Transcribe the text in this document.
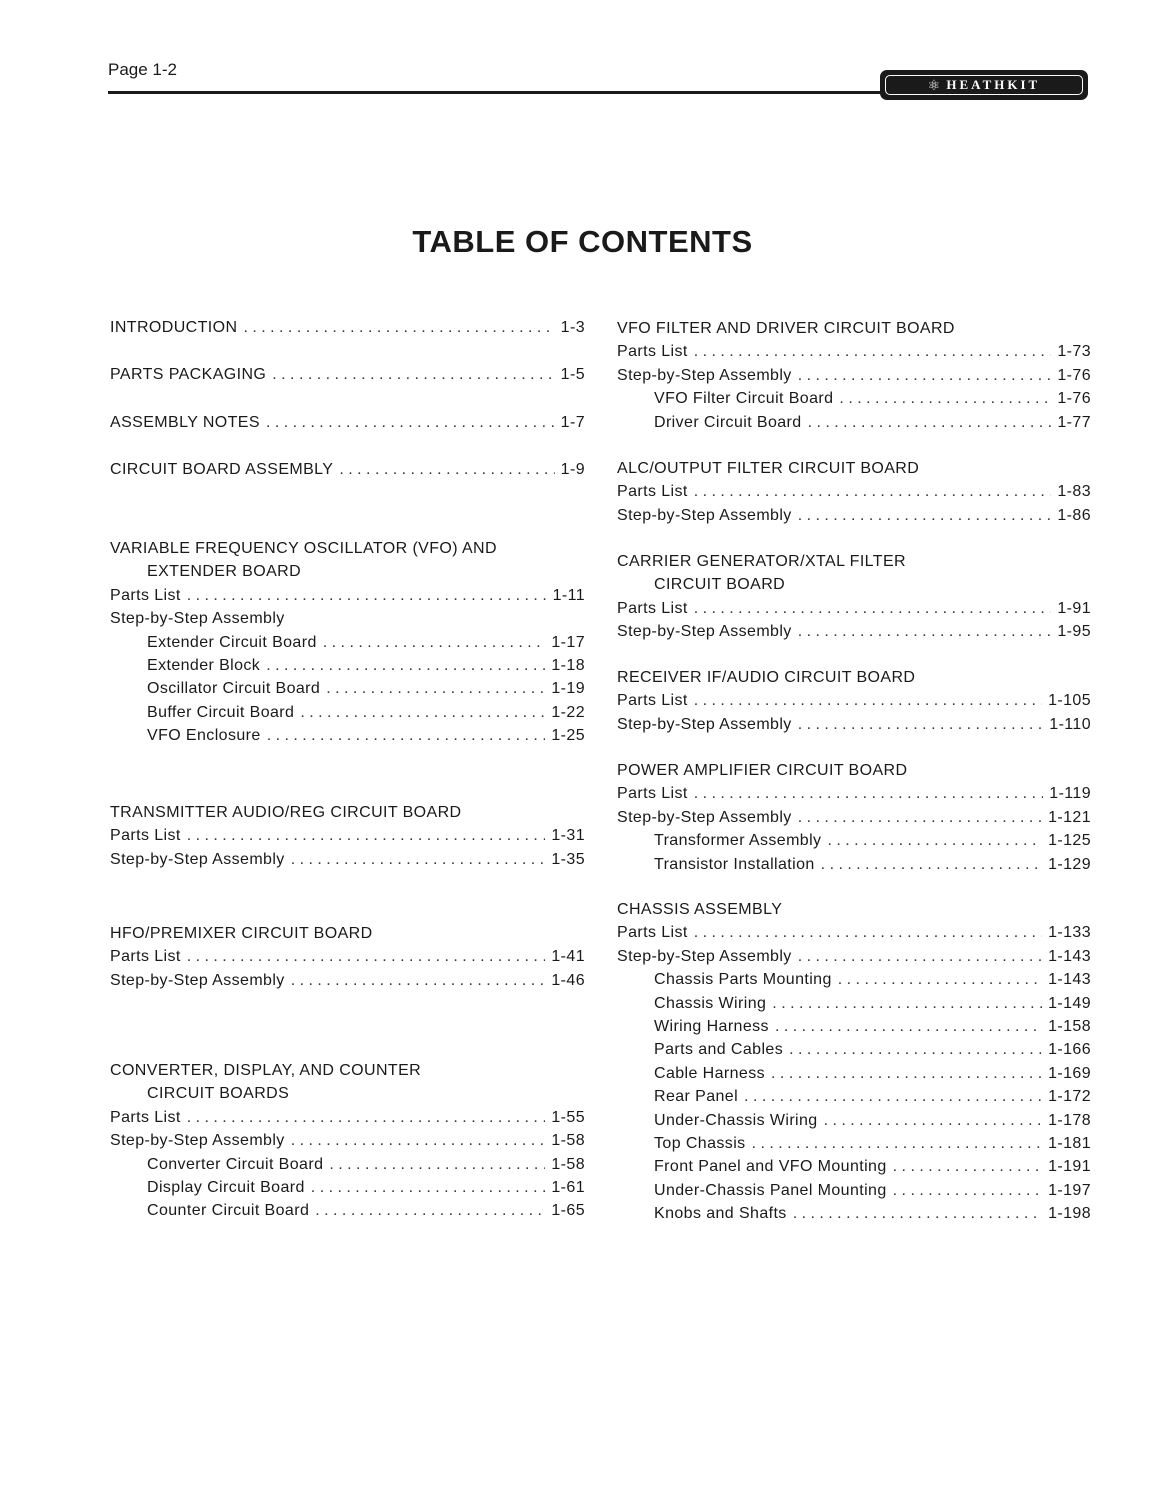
Page 1-2
⚛ HEATHKIT
TABLE OF CONTENTS
INTRODUCTION . . .	1-3
PARTS PACKAGING . . .	1-5
ASSEMBLY NOTES . . .	1-7
CIRCUIT BOARD ASSEMBLY . . .	1-9
VARIABLE FREQUENCY OSCILLATOR (VFO) AND
EXTENDER BOARD
Parts List . . .	1-11
Step-by-Step Assembly
Extender Circuit Board . . .	1-17
Extender Block . . .	1-18
Oscillator Circuit Board . . .	1-19
Buffer Circuit Board . . .	1-22
VFO Enclosure . . .	1-25
TRANSMITTER AUDIO/REG CIRCUIT BOARD
Parts List . . .	1-31
Step-by-Step Assembly . . .	1-35
HFO/PREMIXER CIRCUIT BOARD
Parts List . . .	1-41
Step-by-Step Assembly . . .	1-46
CONVERTER, DISPLAY, AND COUNTER
CIRCUIT BOARDS
Parts List . . .	1-55
Step-by-Step Assembly . . .	1-58
Converter Circuit Board . . .	1-58
Display Circuit Board . . .	1-61
Counter Circuit Board . . .	1-65
VFO FILTER AND DRIVER CIRCUIT BOARD
Parts List . . .	1-73
Step-by-Step Assembly . . .	1-76
VFO Filter Circuit Board . . .	1-76
Driver Circuit Board . . .	1-77
ALC/OUTPUT FILTER CIRCUIT BOARD
Parts List . . .	1-83
Step-by-Step Assembly . . .	1-86
CARRIER GENERATOR/XTAL FILTER
CIRCUIT BOARD
Parts List . . .	1-91
Step-by-Step Assembly . . .	1-95
RECEIVER IF/AUDIO CIRCUIT BOARD
Parts List . . .	1-105
Step-by-Step Assembly . . .	1-110
POWER AMPLIFIER CIRCUIT BOARD
Parts List . . .	1-119
Step-by-Step Assembly . . .	1-121
Transformer Assembly . . .	1-125
Transistor Installation . . .	1-129
CHASSIS ASSEMBLY
Parts List . . .	1-133
Step-by-Step Assembly . . .	1-143
Chassis Parts Mounting . . .	1-143
Chassis Wiring . . .	1-149
Wiring Harness . . .	1-158
Parts and Cables . . .	1-166
Cable Harness . . .	1-169
Rear Panel . . .	1-172
Under-Chassis Wiring . . .	1-178
Top Chassis . . .	1-181
Front Panel and VFO Mounting . . .	1-191
Under-Chassis Panel Mounting . . .	1-197
Knobs and Shafts . . .	1-198
